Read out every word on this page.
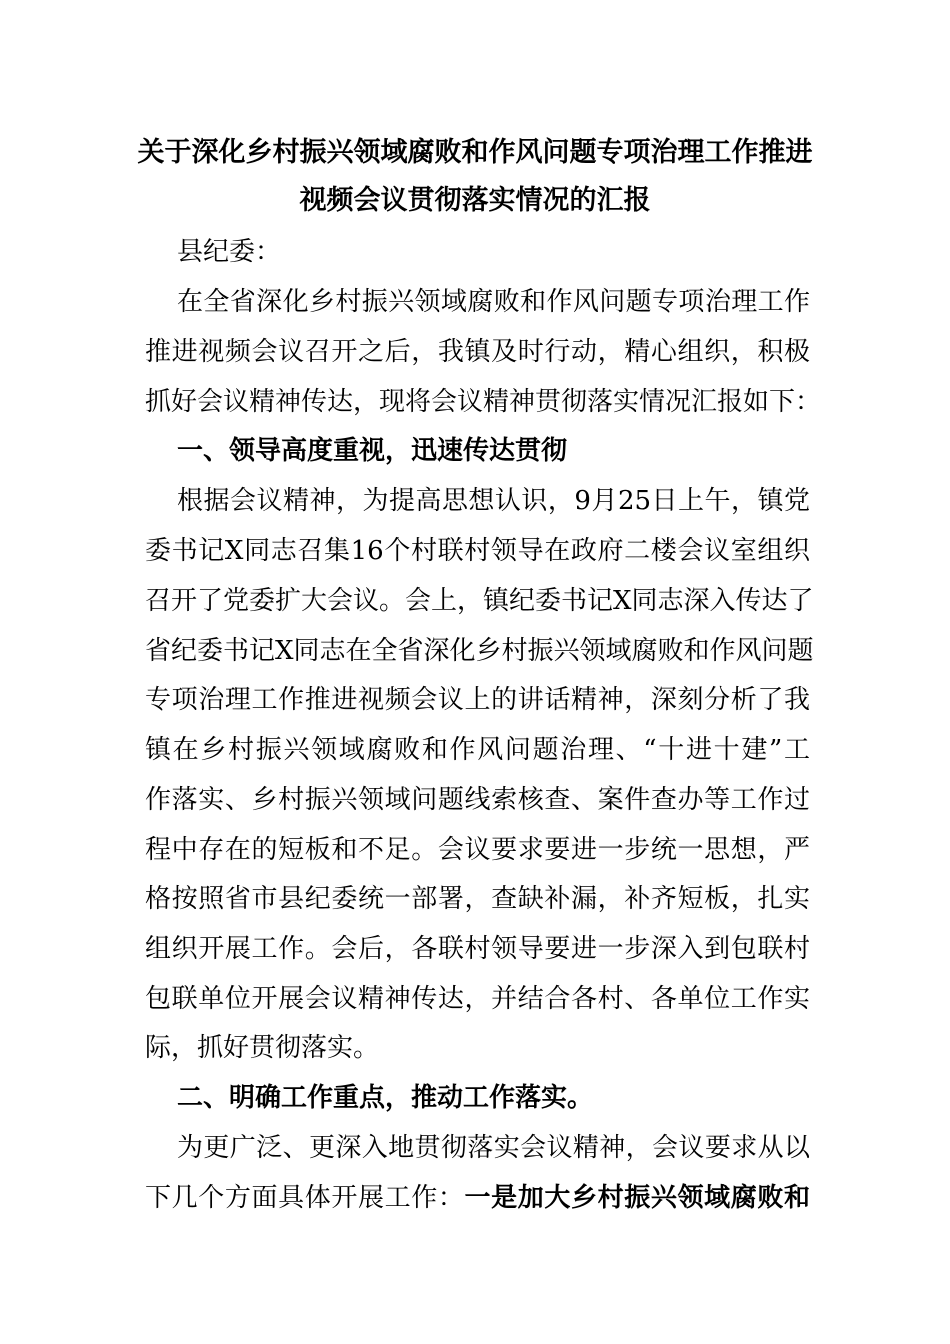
关于深化乡村振兴领域腐败和作风问题专项治理工作推进
视频会议贯彻落实情况的汇报
县纪委：
在全省深化乡村振兴领域腐败和作风问题专项治理工作
推进视频会议召开之后，我镇及时行动，精心组织，积极
抓好会议精神传达，现将会议精神贯彻落实情况汇报如下：
一、领导高度重视，迅速传达贯彻
根据会议精神，为提高思想认识，9月25日上午，镇党
委书记X同志召集16个村联村领导在政府二楼会议室组织
召开了党委扩大会议。会上，镇纪委书记X同志深入传达了
省纪委书记X同志在全省深化乡村振兴领域腐败和作风问题
专项治理工作推进视频会议上的讲话精神，深刻分析了我
镇在乡村振兴领域腐败和作风问题治理、“十进十建”工
作落实、乡村振兴领域问题线索核查、案件查办等工作过
程中存在的短板和不足。会议要求要进一步统一思想，严
格按照省市县纪委统一部署，查缺补漏，补齐短板，扎实
组织开展工作。会后，各联村领导要进一步深入到包联村
包联单位开展会议精神传达，并结合各村、各单位工作实
际，抓好贯彻落实。
二、明确工作重点，推动工作落实。
为更广泛、更深入地贯彻落实会议精神，会议要求从以
下几个方面具体开展工作：一是加大乡村振兴领域腐败和
